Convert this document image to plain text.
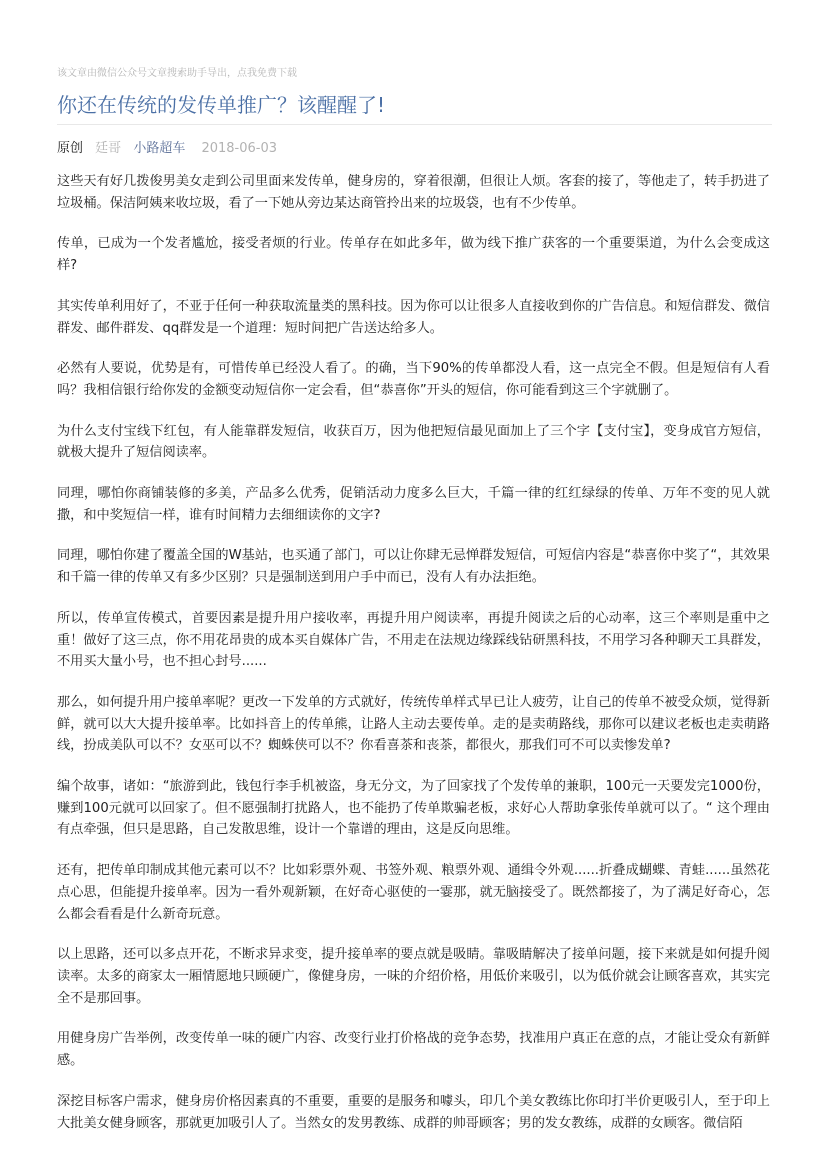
该文章由微信公众号文章搜索助手导出，点我免费下载
你还在传统的发传单推广？该醒醒了!
原创 廷哥 小路超车 2018-06-03

这些天有好几拨俊男美女走到公司里面来发传单，健身房的，穿着很潮，但很让人烦。客套的接了，等他走了，转手扔进了垃圾桶。保洁阿姨来收垃圾，看了一下她从旁边某达商管拎出来的垃圾袋，也有不少传单。

传单，已成为一个发者尴尬，接受者烦的行业。传单存在如此多年，做为线下推广获客的一个重要渠道，为什么会变成这样?

其实传单利用好了，不亚于任何一种获取流量类的黑科技。因为你可以让很多人直接收到你的广告信息。和短信群发、微信群发、邮件群发、qq群发是一个道理：短时间把广告送达给多人。

必然有人要说，优势是有，可惜传单已经没人看了。的确，当下90%的传单都没人看，这一点完全不假。但是短信有人看吗？我相信银行给你发的金额变动短信你一定会看，但“恭喜你”开头的短信，你可能看到这三个字就删了。

为什么支付宝线下红包，有人能靠群发短信，收获百万，因为他把短信最见面加上了三个字【支付宝】，变身成官方短信，就极大提升了短信阅读率。

同理，哪怕你商铺装修的多美，产品多么优秀，促销活动力度多么巨大，千篇一律的红红绿绿的传单、万年不变的见人就撒，和中奖短信一样，谁有时间精力去细细读你的文字?

同理，哪怕你建了覆盖全国的W基站，也买通了部门，可以让你肆无忌惮群发短信，可短信内容是“恭喜你中奖了“，其效果和千篇一律的传单又有多少区别？只是强制送到用户手中而已，没有人有办法拒绝。

所以，传单宣传模式，首要因素是提升用户接收率，再提升用户阅读率，再提升阅读之后的心动率，这三个率则是重中之重！做好了这三点，你不用花昂贵的成本买自媒体广告，不用走在法规边缘踩线钻研黑科技，不用学习各种聊天工具群发，不用买大量小号，也不担心封号......

那么，如何提升用户接单率呢？更改一下发单的方式就好，传统传单样式早已让人疲劳，让自己的传单不被受众烦，觉得新鲜，就可以大大提升接单率。比如抖音上的传单熊，让路人主动去要传单。走的是卖萌路线，那你可以建议老板也走卖萌路线，扮成美队可以不？女巫可以不？蜘蛛侠可以不？你看喜茶和丧茶，都很火，那我们可不可以卖惨发单?

编个故事，诸如：“旅游到此，钱包行李手机被盗，身无分文，为了回家找了个发传单的兼职，100元一天要发完1000份，赚到100元就可以回家了。但不愿强制打扰路人，也不能扔了传单欺骗老板，求好心人帮助拿张传单就可以了。“ 这个理由有点牵强，但只是思路，自己发散思维，设计一个靠谱的理由，这是反向思维。

还有，把传单印制成其他元素可以不？比如彩票外观、书签外观、粮票外观、通缉令外观......折叠成蝴蝶、青蛙......虽然花点心思，但能提升接单率。因为一看外观新颖，在好奇心驱使的一霎那，就无脑接受了。既然都接了，为了满足好奇心，怎么都会看看是什么新奇玩意。

以上思路，还可以多点开花，不断求异求变，提升接单率的要点就是吸睛。靠吸睛解决了接单问题，接下来就是如何提升阅读率。太多的商家太一厢情愿地只顾硬广，像健身房，一味的介绍价格，用低价来吸引，以为低价就会让顾客喜欢，其实完全不是那回事。

用健身房广告举例，改变传单一味的硬广内容、改变行业打价格战的竞争态势，找准用户真正在意的点，才能让受众有新鲜感。

深挖目标客户需求，健身房价格因素真的不重要，重要的是服务和噱头，印几个美女教练比你印打半价更吸引人，至于印上大批美女健身顾客，那就更加吸引人了。当然女的发男教练、成群的帅哥顾客；男的发女教练，成群的女顾客。微信陌
